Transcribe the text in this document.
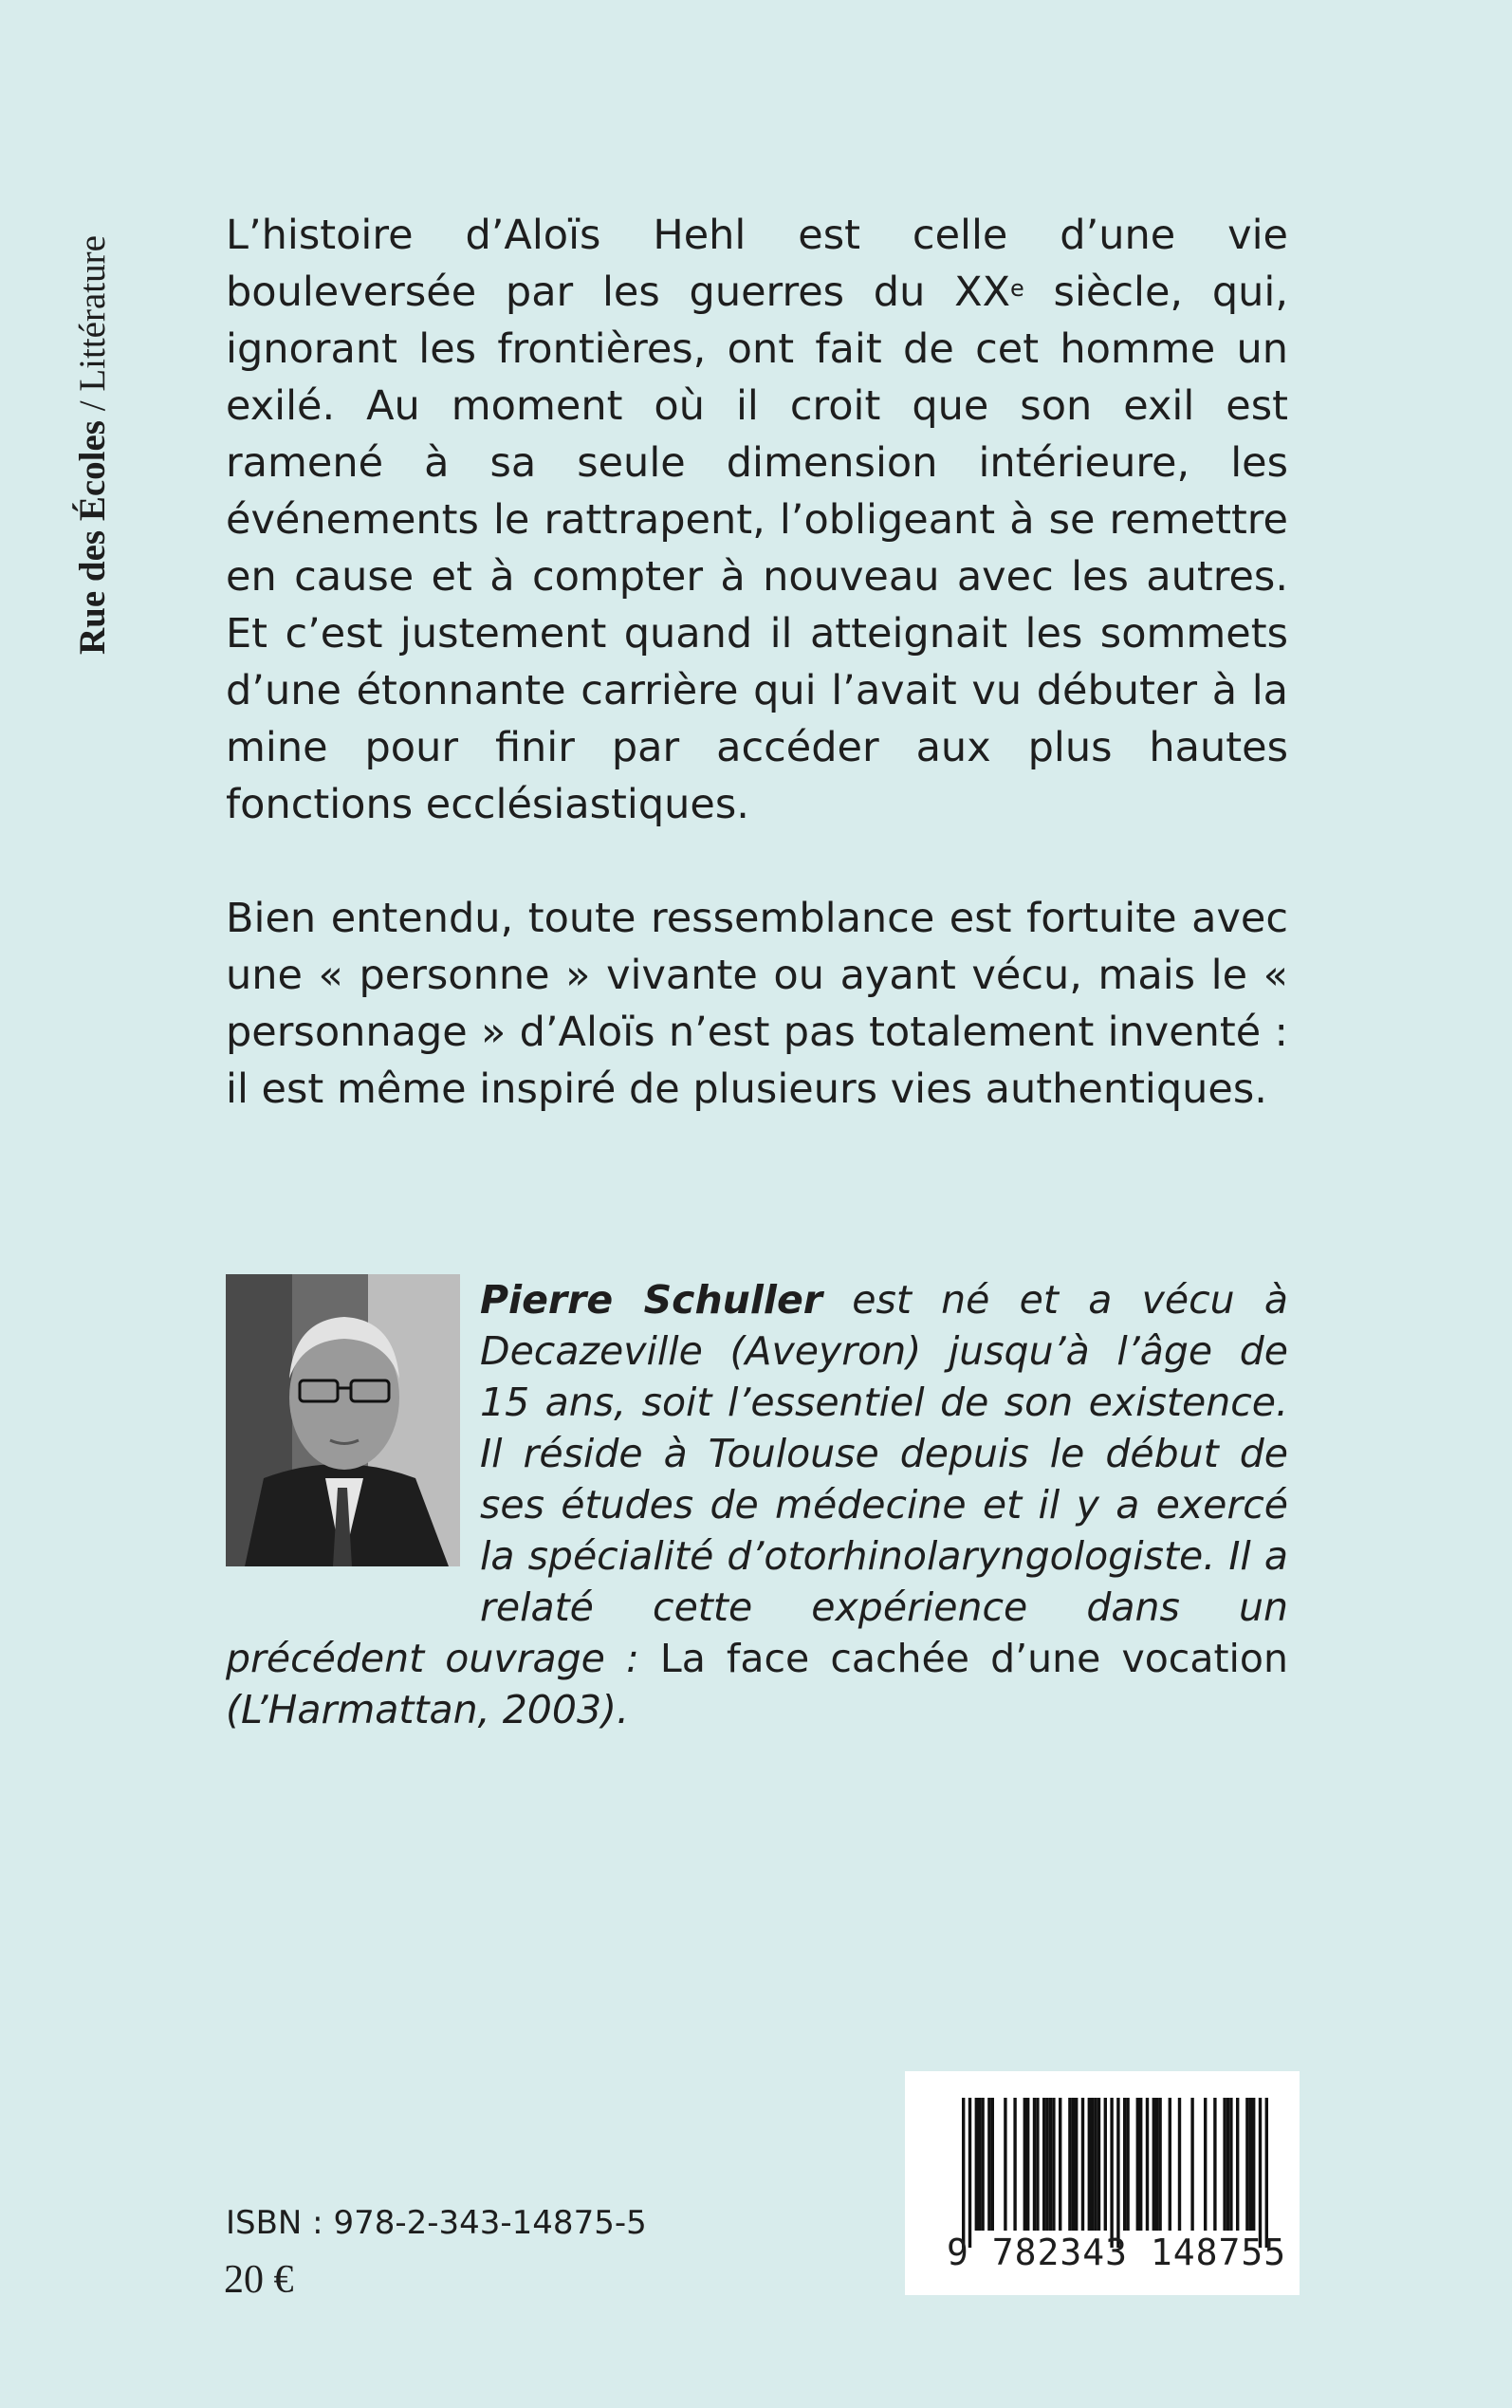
Rue des Écoles / Littérature

L’histoire d’Aloïs Hehl est celle d’une vie bouleversée par les guerres du XXe siècle, qui, ignorant les frontières, ont fait de cet homme un exilé. Au moment où il croit que son exil est ramené à sa seule dimension intérieure, les événements le rattrapent, l’obligeant à se remettre en cause et à compter à nouveau avec les autres. Et c’est justement quand il atteignait les sommets d’une étonnante carrière qui l’avait vu débuter à la mine pour finir par accéder aux plus hautes fonctions ecclésiastiques.

Bien entendu, toute ressemblance est fortuite avec une « personne » vivante ou ayant vécu, mais le « personnage » d’Aloïs n’est pas totalement inventé : il est même inspiré de plusieurs vies authentiques.

Pierre Schuller est né et a vécu à Decazeville (Aveyron) jusqu’à l’âge de 15 ans, soit l’essentiel de son existence. Il réside à Toulouse depuis le début de ses études de médecine et il y a exercé la spécialité d’otorhinolaryngologiste. Il a relaté cette expérience dans un précédent ouvrage : La face cachée d’une vocation (L’Harmattan, 2003).
ISBN : 978-2-343-14875-5
20 €
9 782343 148755
